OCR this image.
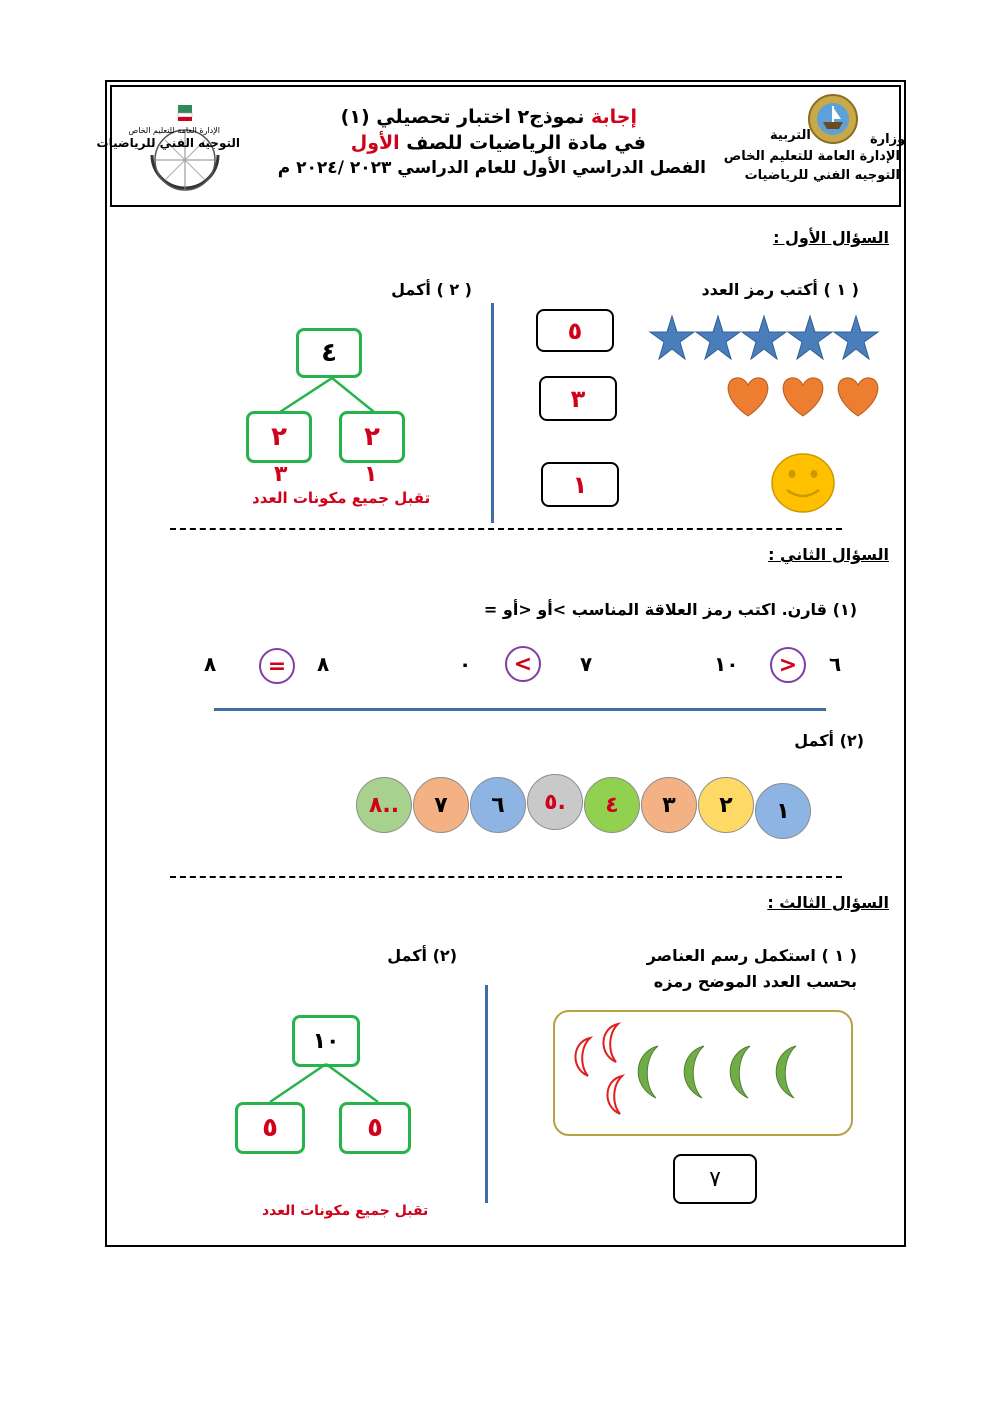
الإدارة العامة للتعليم الخاص
التوجيه الفني للرياضيات	وزارة
التربية
الإدارة العامة للتعليم الخاص
التوجيه الفني للرياضيات
إجابة نموذج٢ اختبار تحصيلي (١)
في مادة الرياضيات للصف الأول
الفصل الدراسي الأول للعام الدراسي ٢٠٢٣ /٢٠٢٤ م
السؤال الأول :
( ١ ) أكتب رمز العدد
( ٢ ) أكمل
٥
٣
١
٤
٢	٢
٣	١
تقبل جميع مكونات العدد
السؤال الثاني :
(١) قارن. اكتب رمز العلاقة المناسب >أو <أو =
٦
>
١٠
٧
<
٠
٨
=
٨
(٢) أكمل
١
٢
٣
٤
٥.
٦
٧
٨..
السؤال الثالث :
( ١ ) استكمل رسم العناصر
بحسب العدد الموضح رمزه
(٢) أكمل
٧
١٠
٥	٥
تقبل جميع مكونات العدد
